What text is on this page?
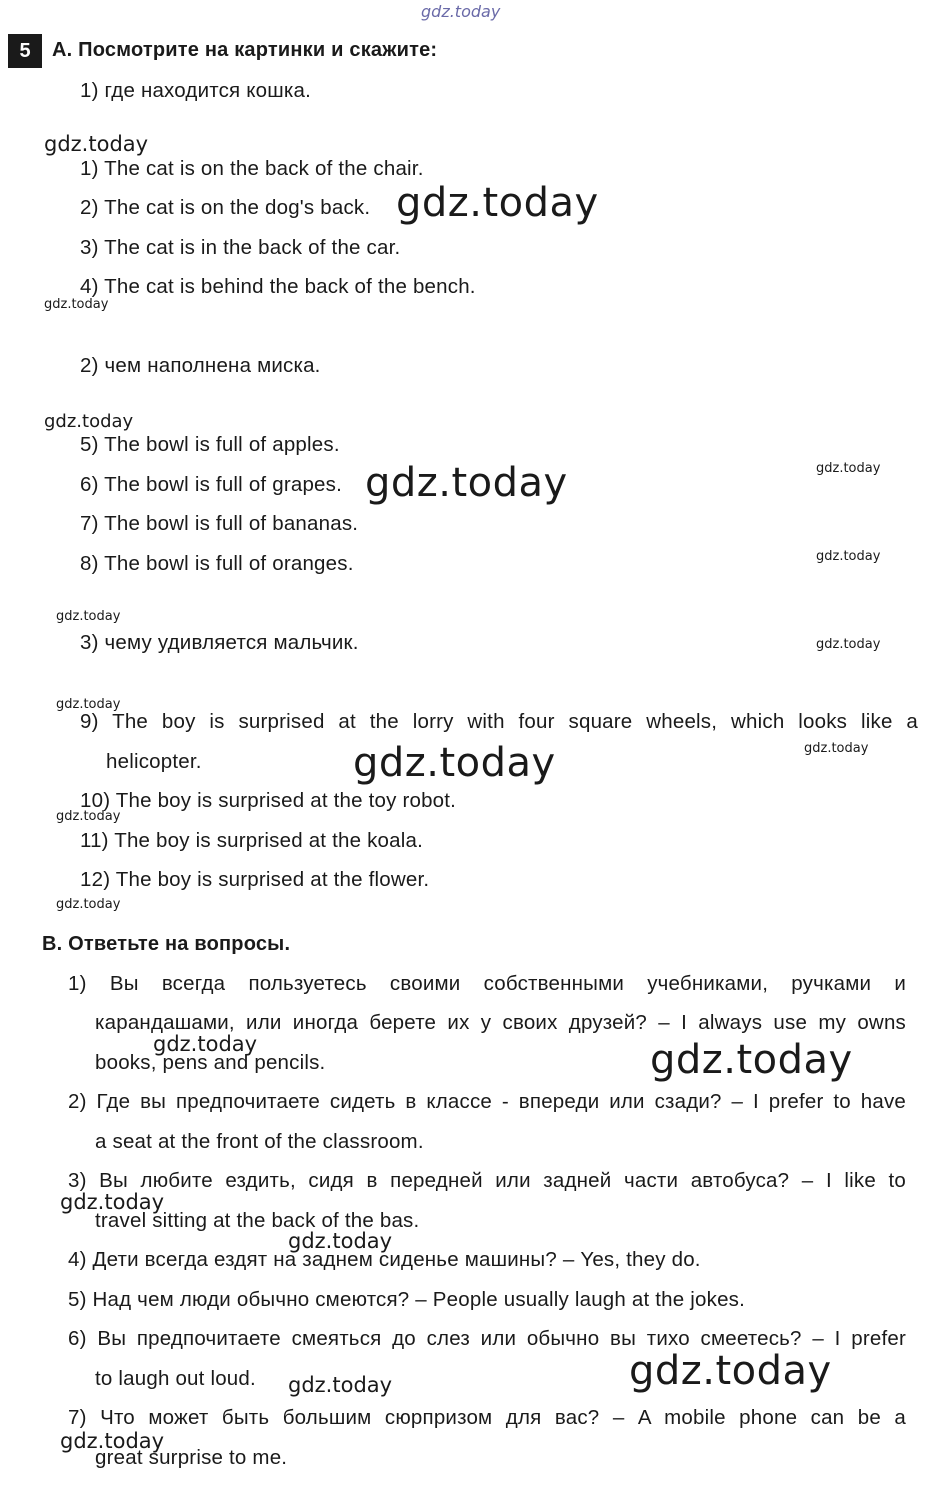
5	A. Посмотрите на картинки и скажите:
1) где находится кошка.
1) The cat is on the back of the chair.
2) The cat is on the dog's back.
3) The cat is in the back of the car.
4) The cat is behind the back of the bench.
2) чем наполнена миска.
5) The bowl is full of apples.
6) The bowl is full of grapes.
7) The bowl is full of bananas.
8) The bowl is full of oranges.
3) чему удивляется мальчик.
9) The boy is surprised at the lorry with four square wheels, which looks like a
helicopter.
10) The boy is surprised at the toy robot.
11) The boy is surprised at the koala.
12) The boy is surprised at the flower.
B. Ответьте на вопросы.
1) Вы всегда пользуетесь своими собственными учебниками, ручками и
карандашами, или иногда берете их у своих друзей? – I always use my owns
books, pens and pencils.
2) Где вы предпочитаете сидеть в классе - впереди или сзади? – I prefer to have
a seat at the front of the classroom.
3) Вы любите ездить, сидя в передней или задней части автобуса? – I like to
travel sitting at the back of the bas.
4) Дети всегда ездят на заднем сиденье машины? – Yes, they do.
5) Над чем люди обычно смеются? – People usually laugh at the jokes.
6) Вы предпочитаете смеяться до слез или обычно вы тихо смеетесь? – I prefer
to laugh out loud.
7) Что может быть большим сюрпризом для вас? – A mobile phone can be a
great surprise to me.
gdz.today
gdz.today
gdz.today
gdz.today
gdz.today
gdz.today
gdz.today
gdz.today
gdz.today
gdz.today
gdz.today
gdz.today
gdz.today
gdz.today
gdz.today
gdz.today	gdz.today
gdz.today
gdz.today
gdz.today	gdz.today
gdz.today
